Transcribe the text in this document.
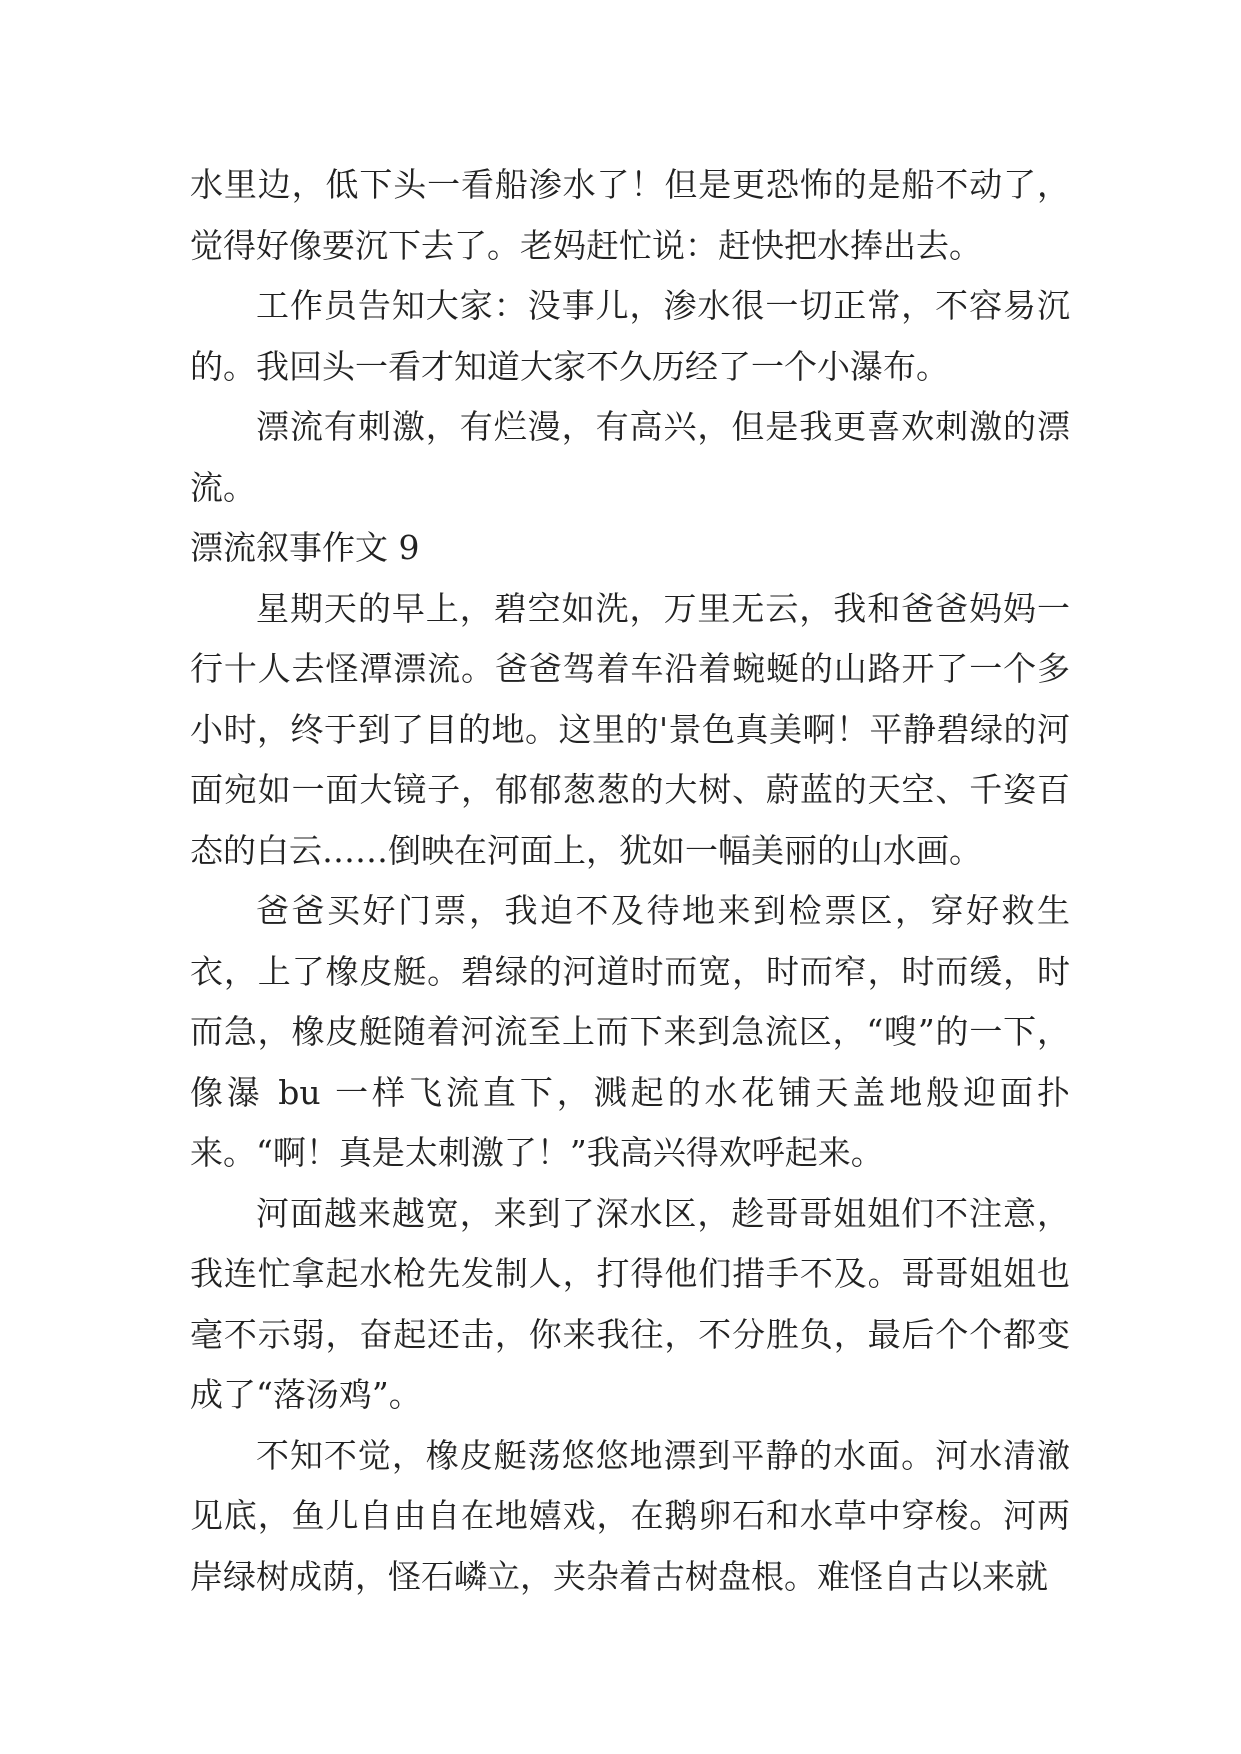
水里边，低下头一看船渗水了！但是更恐怖的是船不动了，觉得好像要沉下去了。老妈赶忙说：赶快把水捧出去。

工作员告知大家：没事儿，渗水很一切正常，不容易沉的。我回头一看才知道大家不久历经了一个小瀑布。

漂流有刺激，有烂漫，有高兴，但是我更喜欢刺激的漂流。

漂流叙事作文 9

星期天的早上，碧空如洗，万里无云，我和爸爸妈妈一行十人去怪潭漂流。爸爸驾着车沿着蜿蜒的山路开了一个多小时，终于到了目的地。这里的'景色真美啊！平静碧绿的河面宛如一面大镜子，郁郁葱葱的大树、蔚蓝的天空、千姿百态的白云……倒映在河面上，犹如一幅美丽的山水画。

爸爸买好门票，我迫不及待地来到检票区，穿好救生衣，上了橡皮艇。碧绿的河道时而宽，时而窄，时而缓，时而急，橡皮艇随着河流至上而下来到急流区，“嗖”的一下，像瀑 bu 一样飞流直下，溅起的水花铺天盖地般迎面扑来。“啊！真是太刺激了！”我高兴得欢呼起来。

河面越来越宽，来到了深水区，趁哥哥姐姐们不注意，我连忙拿起水枪先发制人，打得他们措手不及。哥哥姐姐也毫不示弱，奋起还击，你来我往，不分胜负，最后个个都变成了“落汤鸡”。

不知不觉，橡皮艇荡悠悠地漂到平静的水面。河水清澈见底，鱼儿自由自在地嬉戏，在鹅卵石和水草中穿梭。河两岸绿树成荫，怪石嶙立，夹杂着古树盘根。难怪自古以来就
